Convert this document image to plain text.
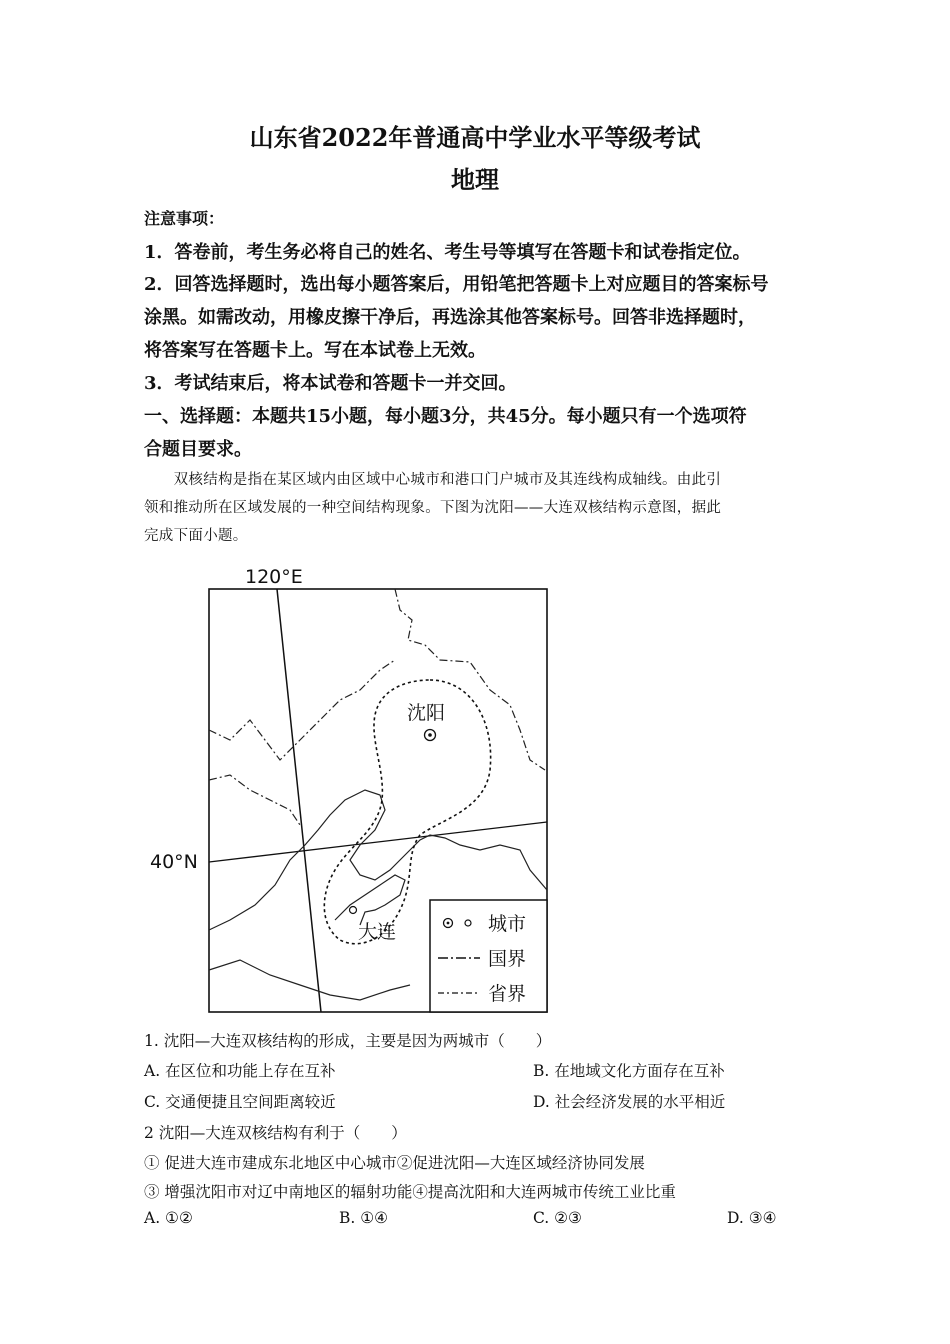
山东省2022年普通高中学业水平等级考试
地理
注意事项：
1．答卷前，考生务必将自己的姓名、考生号等填写在答题卡和试卷指定位。
2．回答选择题时，选出每小题答案后，用铅笔把答题卡上对应题目的答案标号
涂黑。如需改动，用橡皮擦干净后，再选涂其他答案标号。回答非选择题时，
将答案写在答题卡上。写在本试卷上无效。
3．考试结束后，将本试卷和答题卡一并交回。
一、选择题：本题共15小题，每小题3分，共45分。每小题只有一个选项符
合题目要求。
　　双核结构是指在某区域内由区域中心城市和港口门户城市及其连线构成轴线。由此引
领和推动所在区域发展的一种空间结构现象。下图为沈阳——大连双核结构示意图，据此
完成下面小题。
120°E
40°N
沈阳
大连	城市
国界
省界
1. 沈阳—大连双核结构的形成，主要是因为两城市（　　）
A. 在区位和功能上存在互补	B. 在地域文化方面存在互补
C. 交通便捷且空间距离较近	D. 社会经济发展的水平相近
2 沈阳—大连双核结构有利于（　　）
① 促进大连市建成东北地区中心城市②促进沈阳—大连区域经济协同发展
③ 增强沈阳市对辽中南地区的辐射功能④提高沈阳和大连两城市传统工业比重
A. ①②	B. ①④	C. ②③	D. ③④
